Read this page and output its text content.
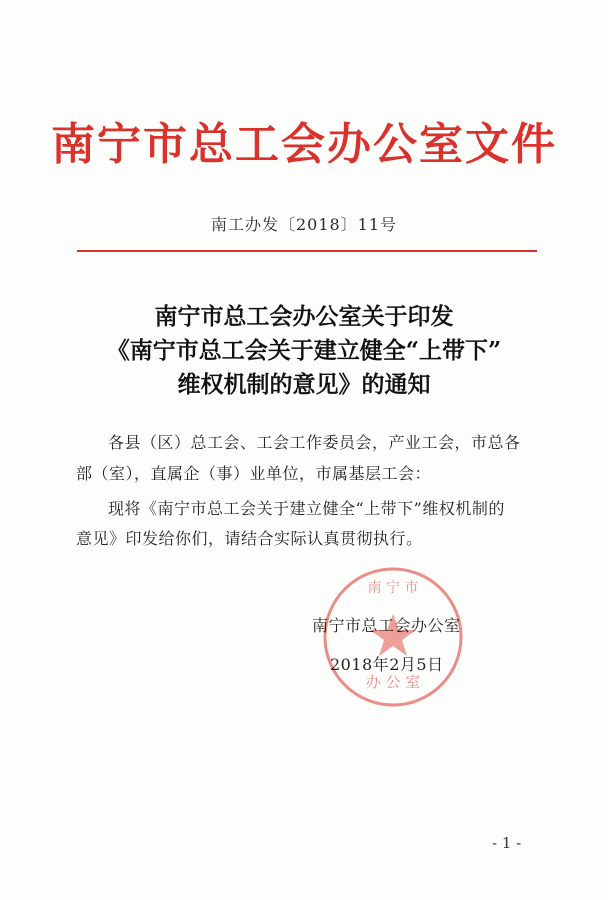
南宁市总工会办公室文件
南工办发〔2018〕11号
南宁市总工会办公室关于印发
《南宁市总工会关于建立健全“上带下”
维权机制的意见》的通知
各县（区）总工会、工会工作委员会，产业工会，市总各
部（室），直属企（事）业单位，市属基层工会：
现将《南宁市总工会关于建立健全“上带下”维权机制的
意见》印发给你们，请结合实际认真贯彻执行。
南 宁 市
办 公 室
南宁市总工会办公室
2018年2月5日
- 1 -
